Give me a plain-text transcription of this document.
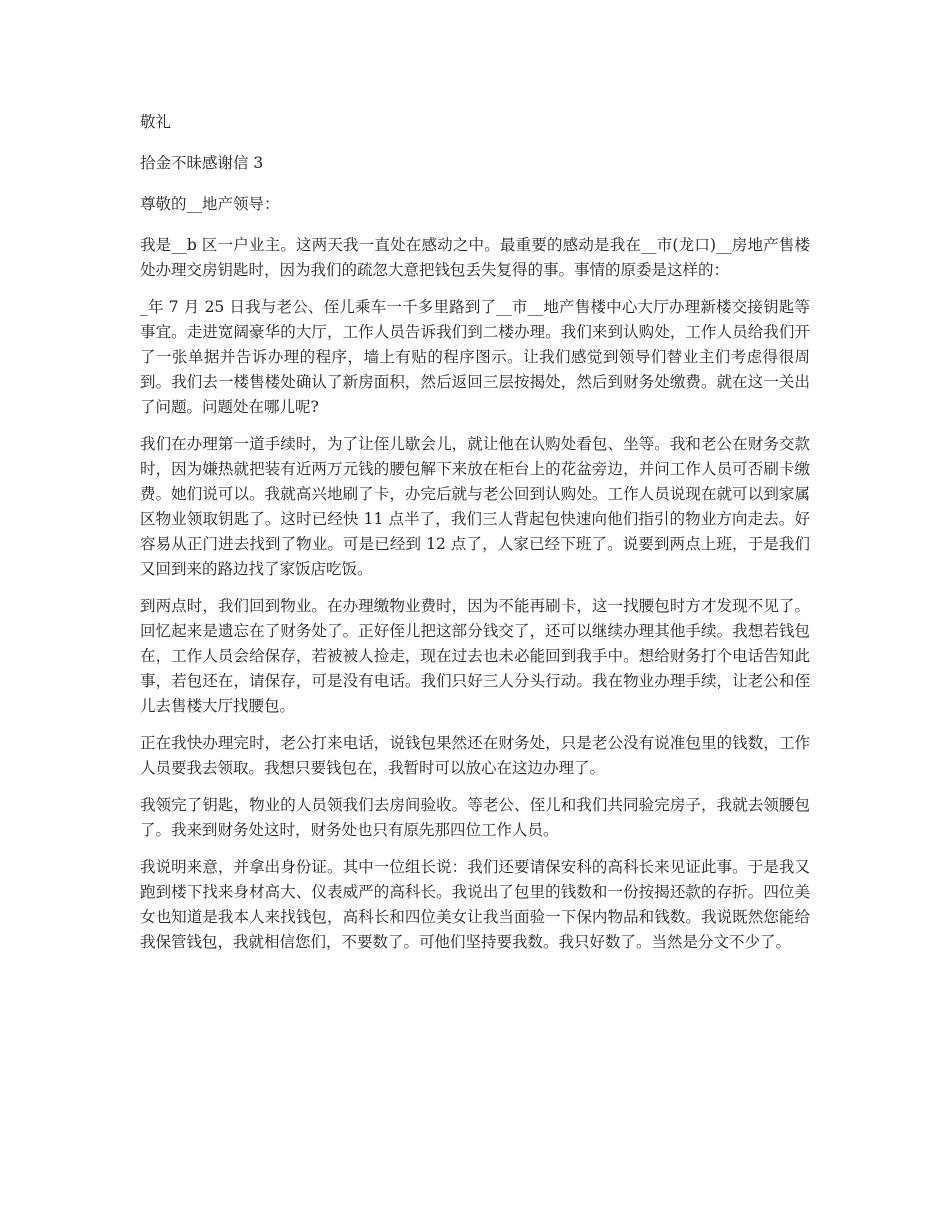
敬礼

拾金不昧感谢信 3

尊敬的__地产领导：

我是__b 区一户业主。这两天我一直处在感动之中。最重要的感动是我在__市(龙口)__房地产售楼处办理交房钥匙时，因为我们的疏忽大意把钱包丢失复得的事。事情的原委是这样的：

_年 7 月 25 日我与老公、侄儿乘车一千多里路到了__市__地产售楼中心大厅办理新楼交接钥匙等事宜。走进宽阔豪华的大厅，工作人员告诉我们到二楼办理。我们来到认购处，工作人员给我们开了一张单据并告诉办理的程序，墙上有贴的程序图示。让我们感觉到领导们替业主们考虑得很周到。我们去一楼售楼处确认了新房面积，然后返回三层按揭处，然后到财务处缴费。就在这一关出了问题。问题处在哪儿呢?

我们在办理第一道手续时，为了让侄儿歇会儿，就让他在认购处看包、坐等。我和老公在财务交款时，因为嫌热就把装有近两万元钱的腰包解下来放在柜台上的花盆旁边，并问工作人员可否刷卡缴费。她们说可以。我就高兴地刷了卡，办完后就与老公回到认购处。工作人员说现在就可以到家属区物业领取钥匙了。这时已经快 11 点半了，我们三人背起包快速向他们指引的物业方向走去。好容易从正门进去找到了物业。可是已经到 12 点了，人家已经下班了。说要到两点上班，于是我们又回到来的路边找了家饭店吃饭。

到两点时，我们回到物业。在办理缴物业费时，因为不能再刷卡，这一找腰包时方才发现不见了。回忆起来是遗忘在了财务处了。正好侄儿把这部分钱交了，还可以继续办理其他手续。我想若钱包在，工作人员会给保存，若被被人捡走，现在过去也未必能回到我手中。想给财务打个电话告知此事，若包还在，请保存，可是没有电话。我们只好三人分头行动。我在物业办理手续，让老公和侄儿去售楼大厅找腰包。

正在我快办理完时，老公打来电话，说钱包果然还在财务处，只是老公没有说准包里的钱数，工作人员要我去领取。我想只要钱包在，我暂时可以放心在这边办理了。

我领完了钥匙，物业的人员领我们去房间验收。等老公、侄儿和我们共同验完房子，我就去领腰包了。我来到财务处这时，财务处也只有原先那四位工作人员。

我说明来意，并拿出身份证。其中一位组长说：我们还要请保安科的高科长来见证此事。于是我又跑到楼下找来身材高大、仪表威严的高科长。我说出了包里的钱数和一份按揭还款的存折。四位美女也知道是我本人来找钱包，高科长和四位美女让我当面验一下保内物品和钱数。我说既然您能给我保管钱包，我就相信您们，不要数了。可他们坚持要我数。我只好数了。当然是分文不少了。
